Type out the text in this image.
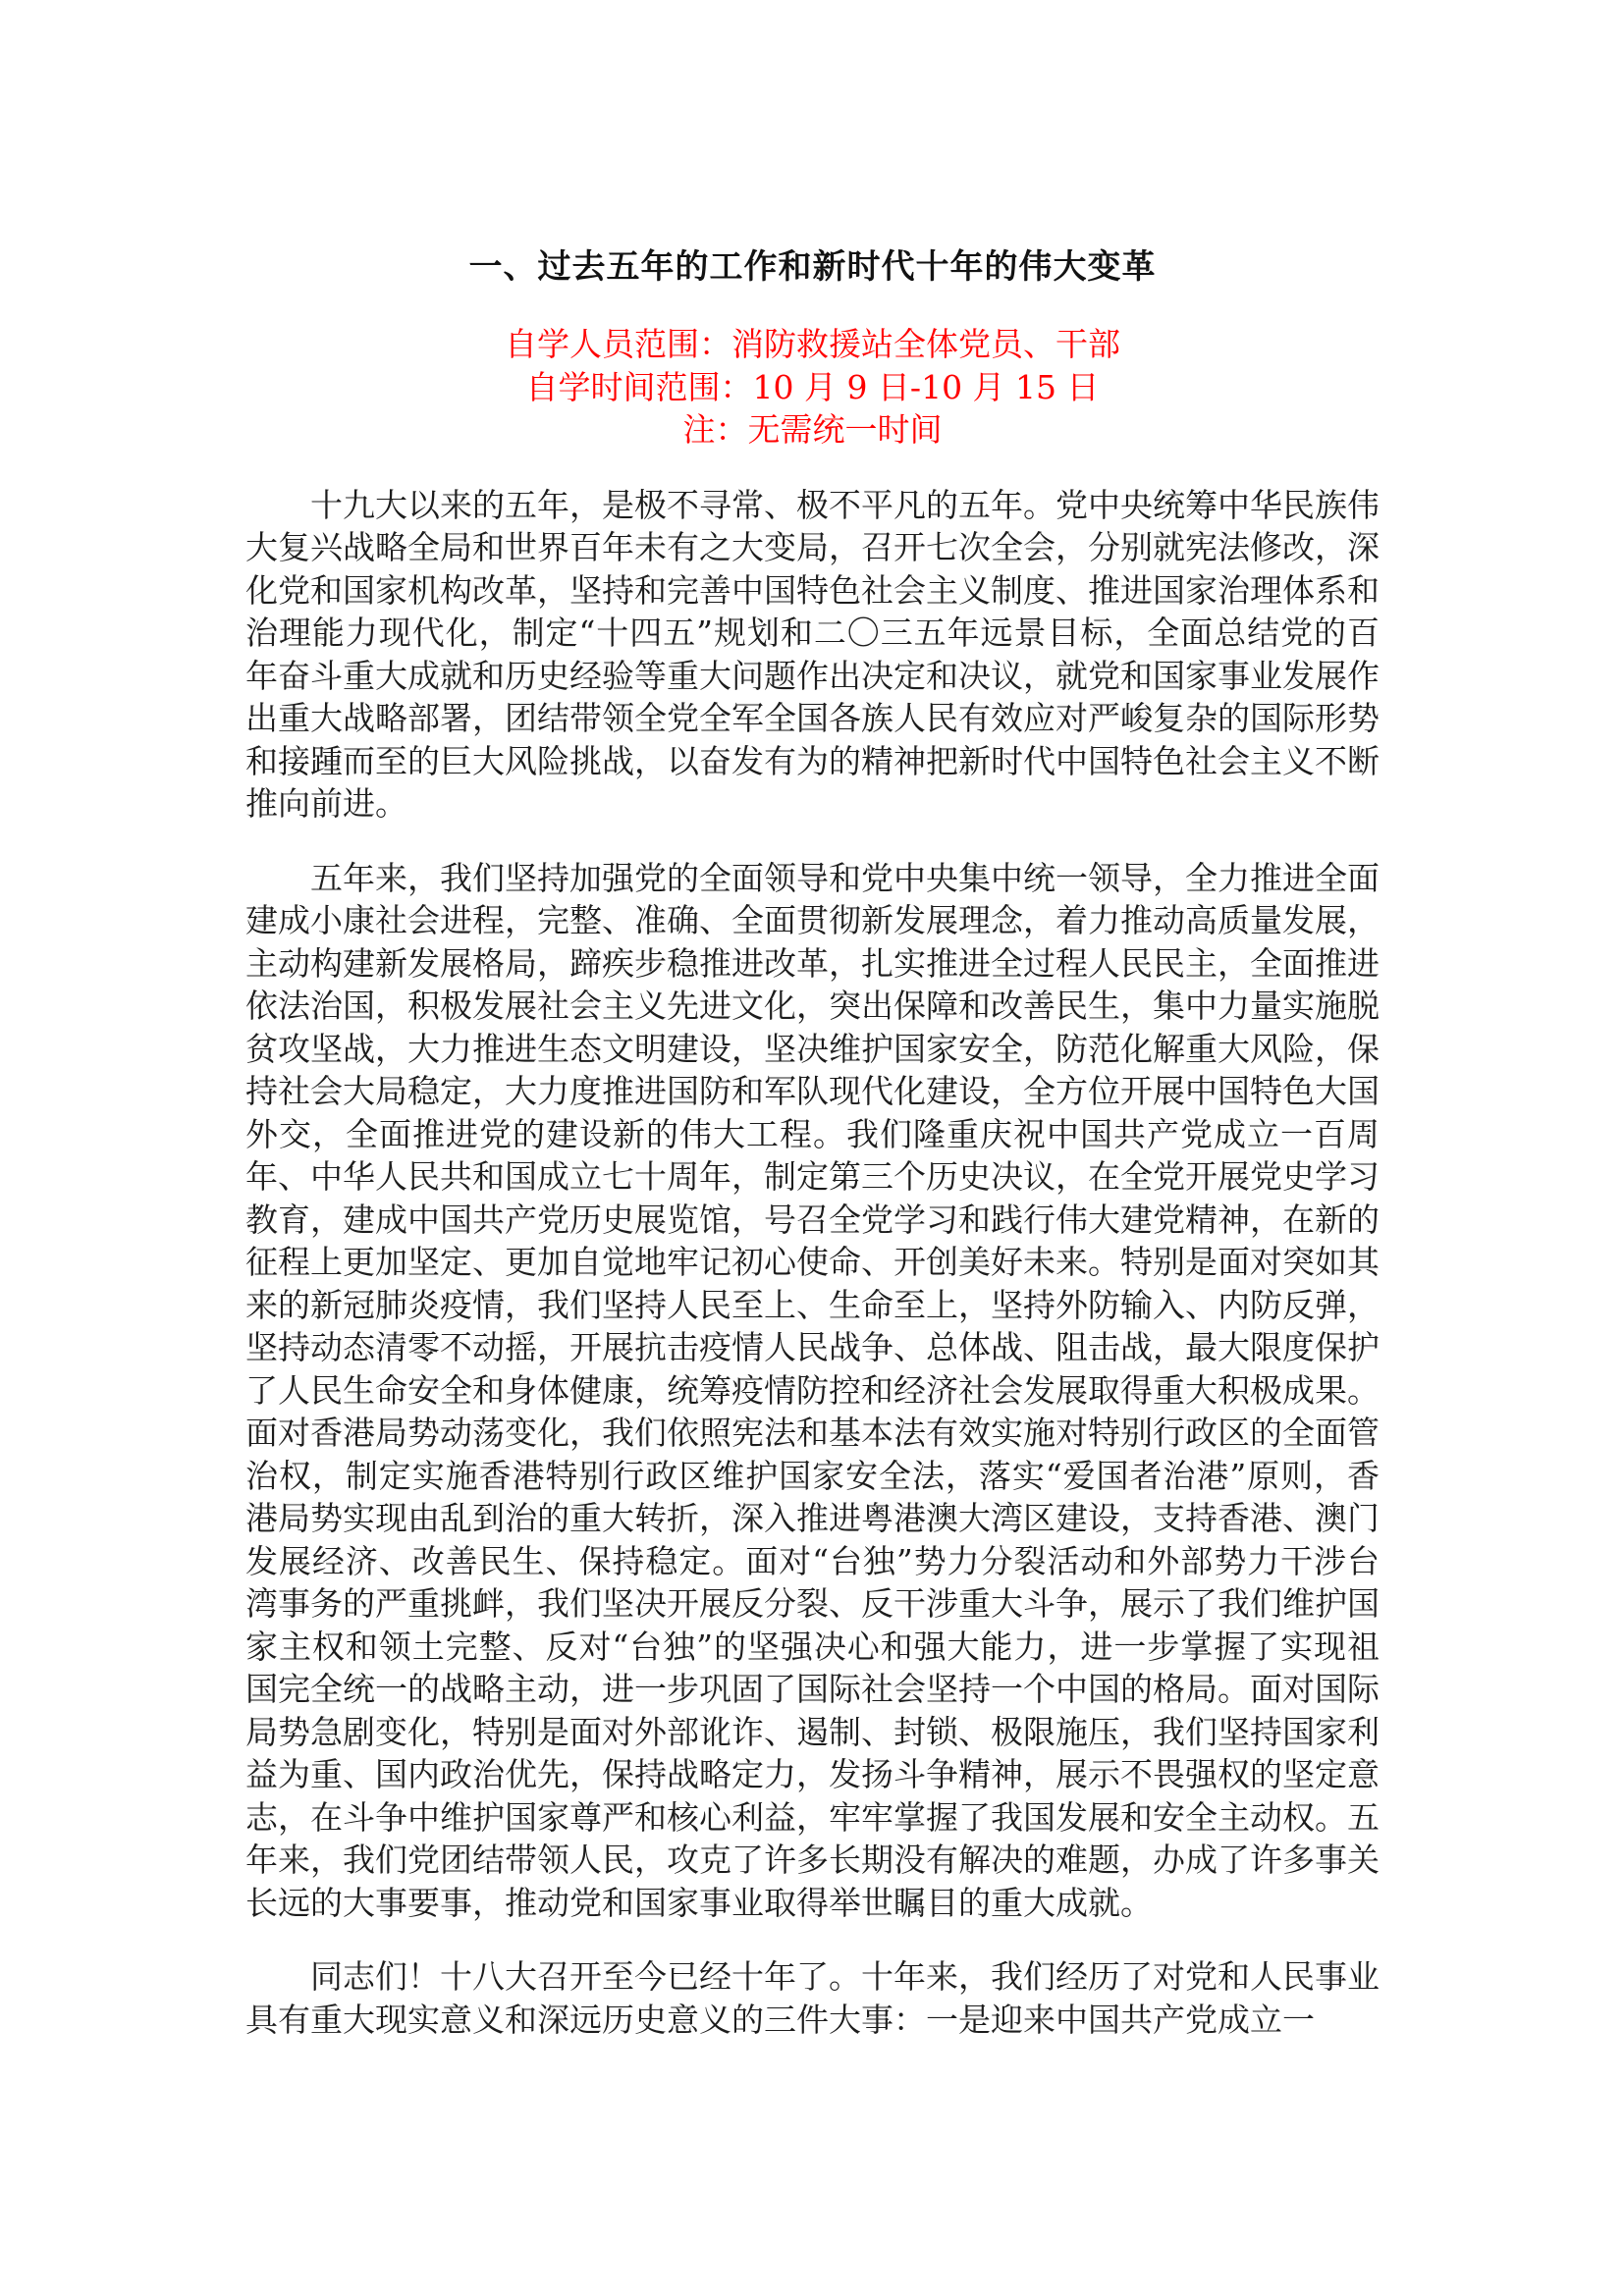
一、过去五年的工作和新时代十年的伟大变革

自学人员范围：消防救援站全体党员、干部

自学时间范围：10 月 9 日-10 月 15 日

注：无需统一时间

十九大以来的五年，是极不寻常、极不平凡的五年。党中央统筹中华民族伟大复兴战略全局和世界百年未有之大变局，召开七次全会，分别就宪法修改，深化党和国家机构改革，坚持和完善中国特色社会主义制度、推进国家治理体系和治理能力现代化，制定“十四五”规划和二〇三五年远景目标，全面总结党的百年奋斗重大成就和历史经验等重大问题作出决定和决议，就党和国家事业发展作出重大战略部署，团结带领全党全军全国各族人民有效应对严峻复杂的国际形势和接踵而至的巨大风险挑战，以奋发有为的精神把新时代中国特色社会主义不断推向前进。

五年来，我们坚持加强党的全面领导和党中央集中统一领导，全力推进全面建成小康社会进程，完整、准确、全面贯彻新发展理念，着力推动高质量发展，主动构建新发展格局，蹄疾步稳推进改革，扎实推进全过程人民民主，全面推进依法治国，积极发展社会主义先进文化，突出保障和改善民生，集中力量实施脱贫攻坚战，大力推进生态文明建设，坚决维护国家安全，防范化解重大风险，保持社会大局稳定，大力度推进国防和军队现代化建设，全方位开展中国特色大国外交，全面推进党的建设新的伟大工程。我们隆重庆祝中国共产党成立一百周年、中华人民共和国成立七十周年，制定第三个历史决议，在全党开展党史学习教育，建成中国共产党历史展览馆，号召全党学习和践行伟大建党精神，在新的征程上更加坚定、更加自觉地牢记初心使命、开创美好未来。特别是面对突如其来的新冠肺炎疫情，我们坚持人民至上、生命至上，坚持外防输入、内防反弹，坚持动态清零不动摇，开展抗击疫情人民战争、总体战、阻击战，最大限度保护了人民生命安全和身体健康，统筹疫情防控和经济社会发展取得重大积极成果。面对香港局势动荡变化，我们依照宪法和基本法有效实施对特别行政区的全面管治权，制定实施香港特别行政区维护国家安全法，落实“爱国者治港”原则，香港局势实现由乱到治的重大转折，深入推进粤港澳大湾区建设，支持香港、澳门发展经济、改善民生、保持稳定。面对“台独”势力分裂活动和外部势力干涉台湾事务的严重挑衅，我们坚决开展反分裂、反干涉重大斗争，展示了我们维护国家主权和领土完整、反对“台独”的坚强决心和强大能力，进一步掌握了实现祖国完全统一的战略主动，进一步巩固了国际社会坚持一个中国的格局。面对国际局势急剧变化，特别是面对外部讹诈、遏制、封锁、极限施压，我们坚持国家利益为重、国内政治优先，保持战略定力，发扬斗争精神，展示不畏强权的坚定意志，在斗争中维护国家尊严和核心利益，牢牢掌握了我国发展和安全主动权。五年来，我们党团结带领人民，攻克了许多长期没有解决的难题，办成了许多事关长远的大事要事，推动党和国家事业取得举世瞩目的重大成就。

同志们！十八大召开至今已经十年了。十年来，我们经历了对党和人民事业具有重大现实意义和深远历史意义的三件大事：一是迎来中国共产党成立一
